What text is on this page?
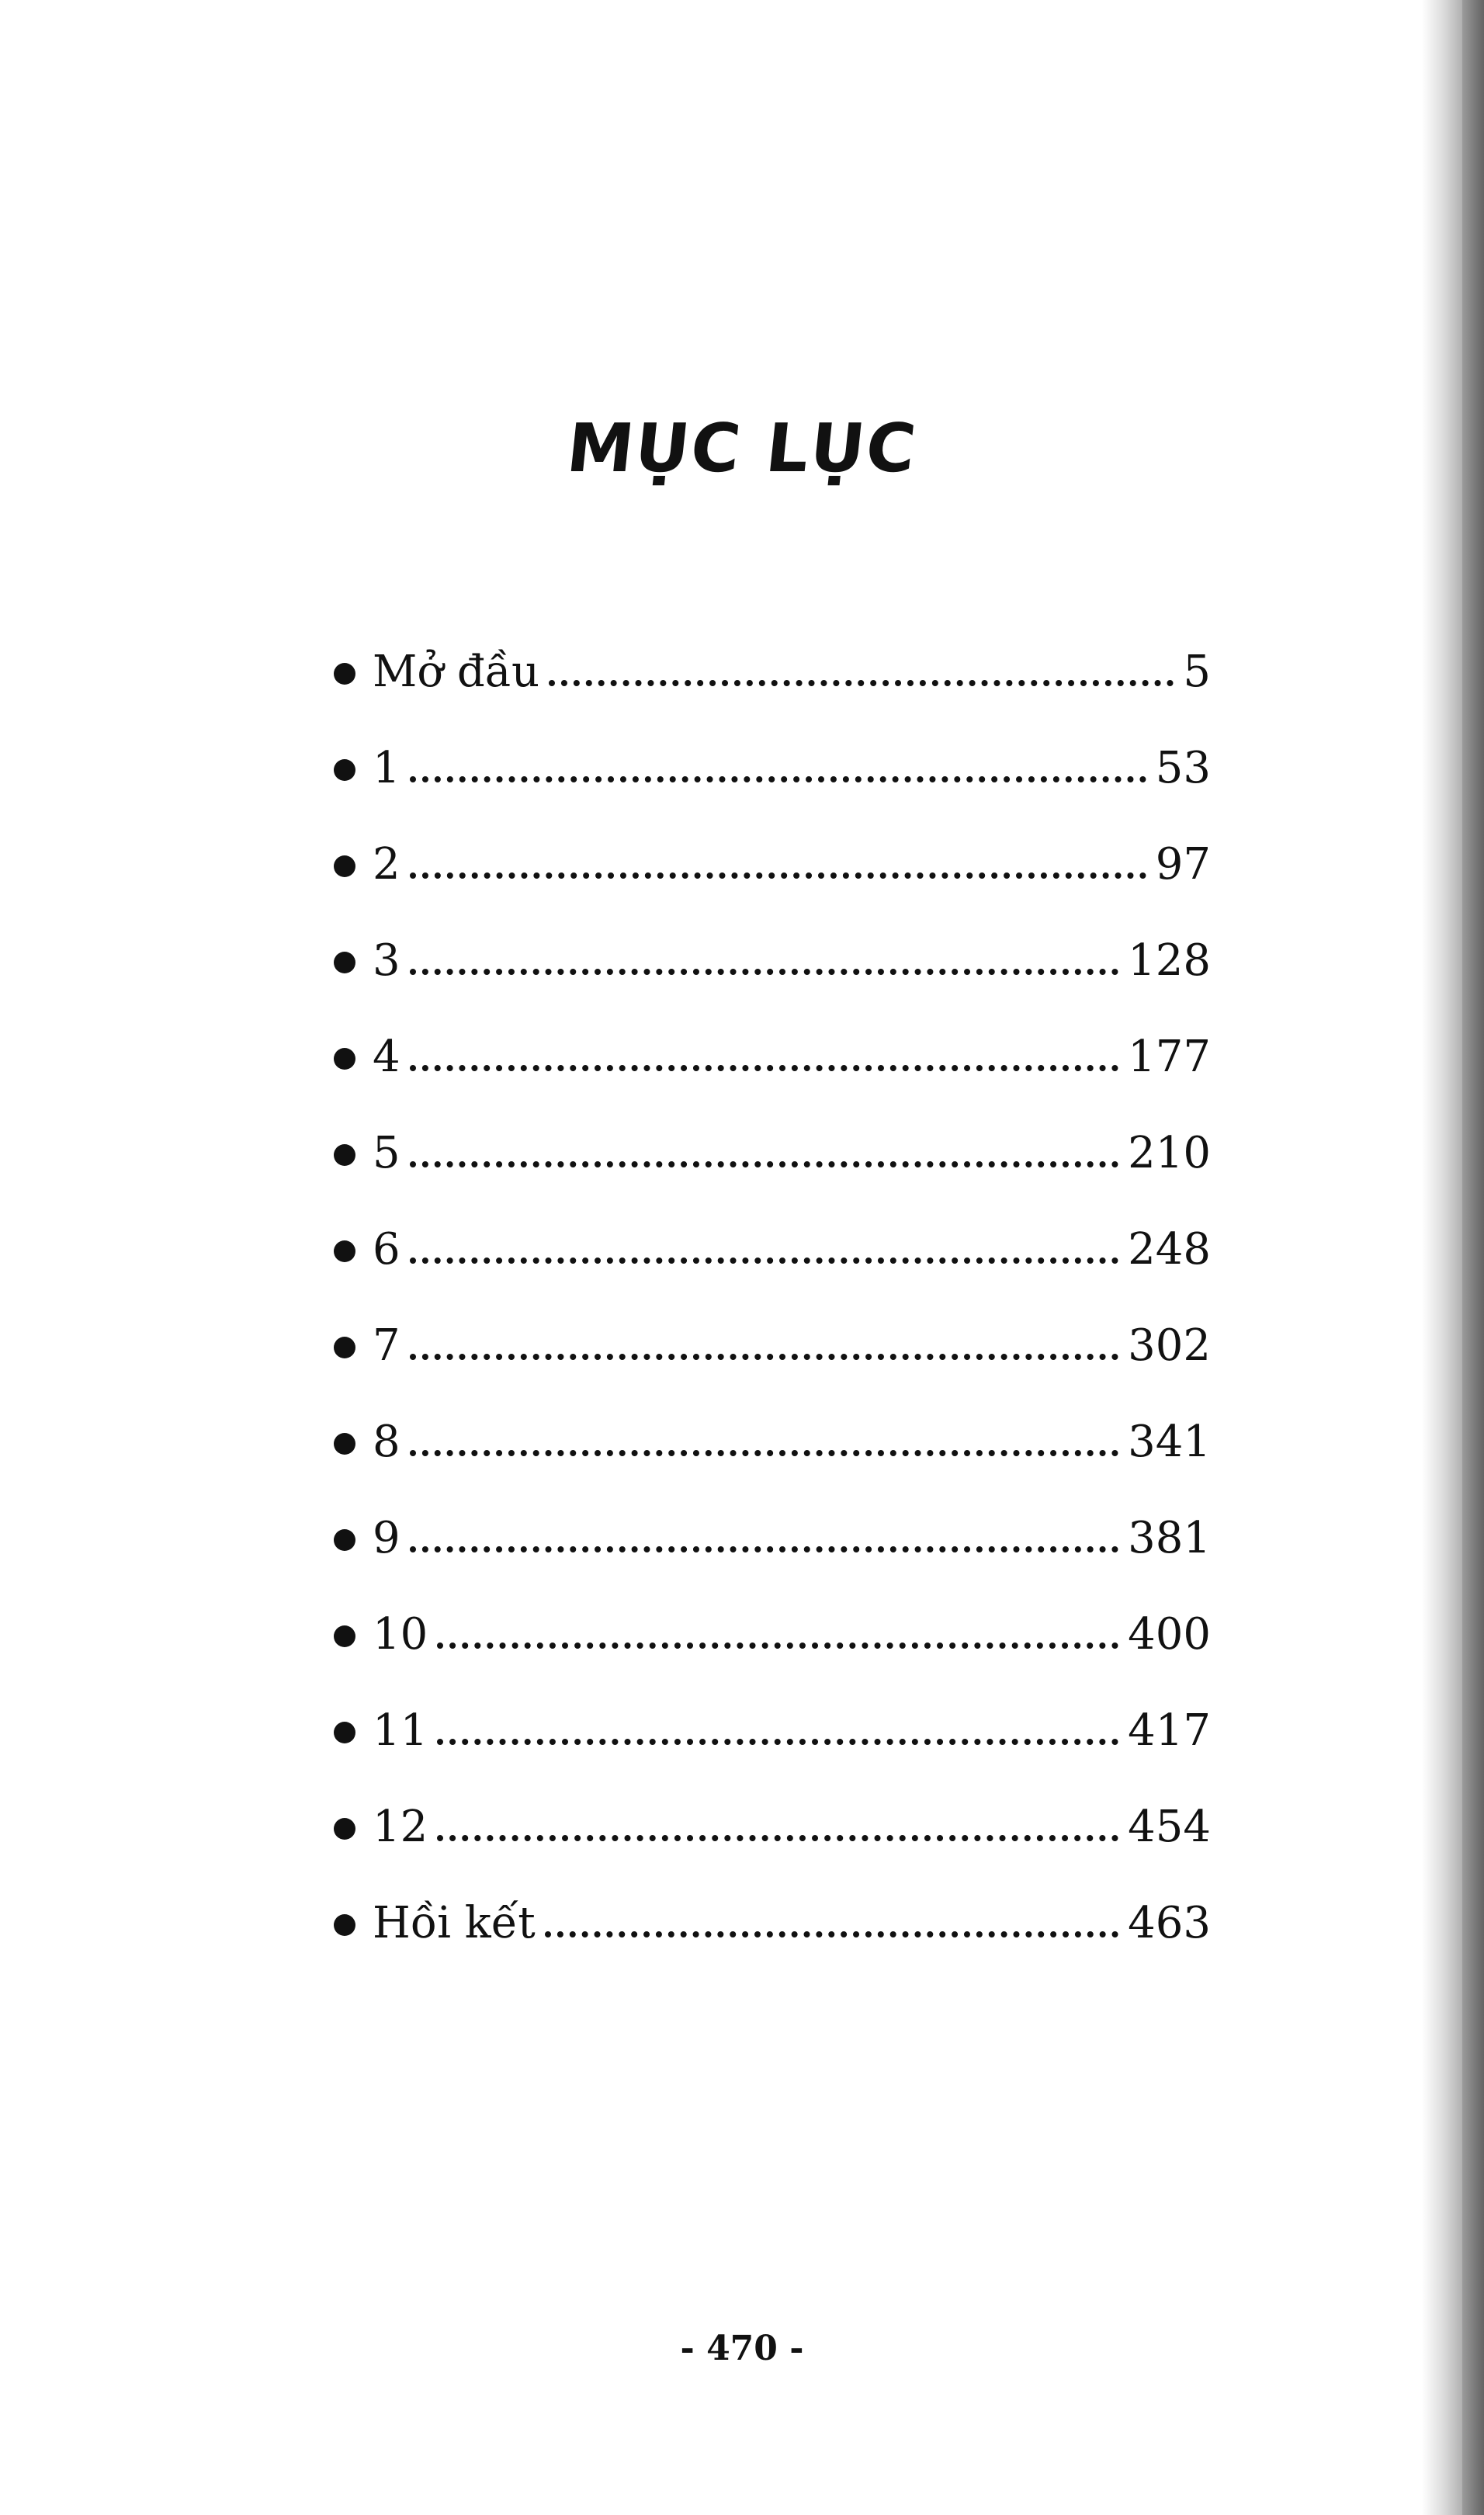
MỤC LỤC
Mở đầu	5
1	53
2	97
3	128
4	177
5	210
6	248
7	302
8	341
9	381
10	400
11	417
12	454
Hồi kết	463
- 470 -
